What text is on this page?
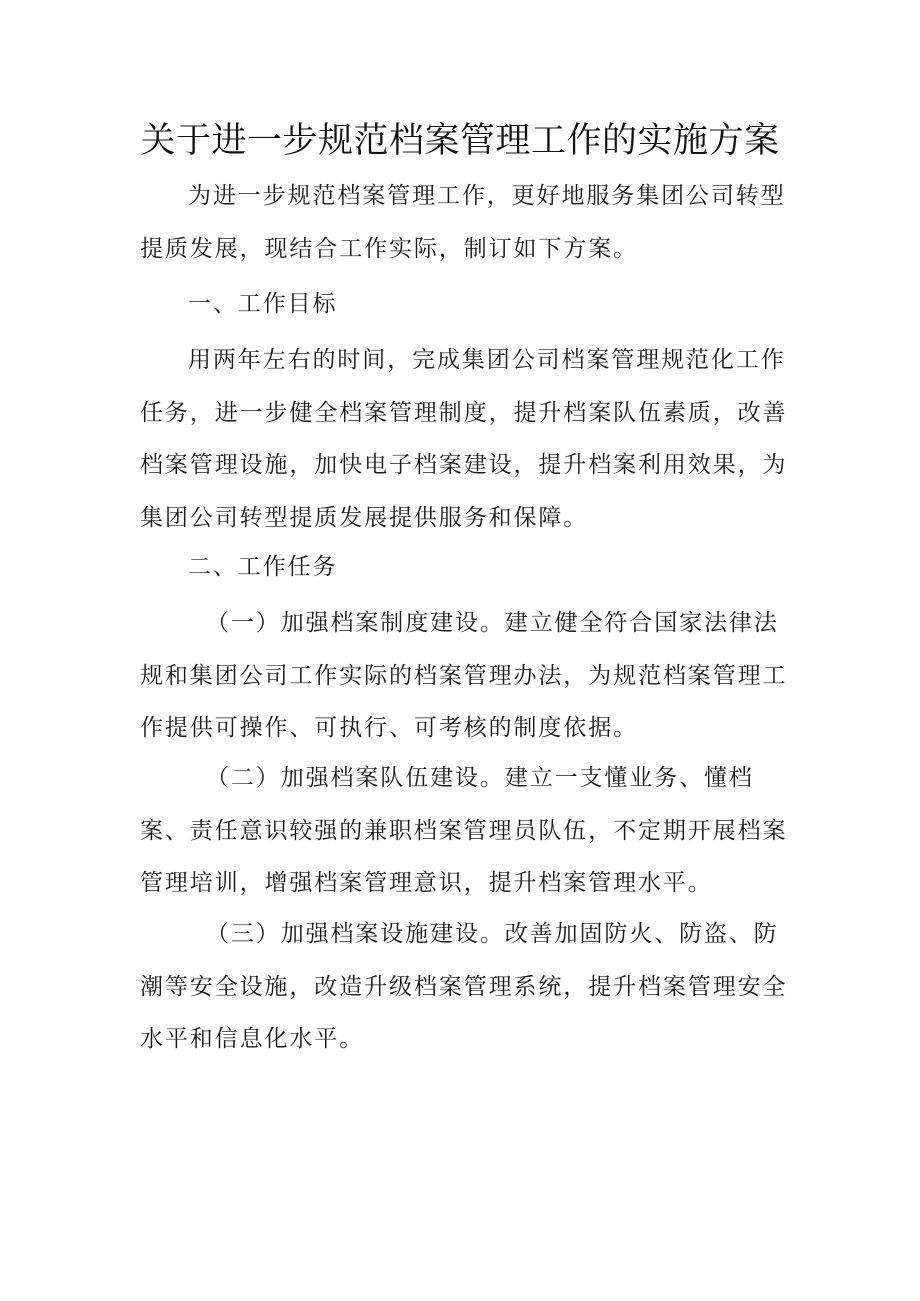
关于进一步规范档案管理工作的实施方案

为进一步规范档案管理工作，更好地服务集团公司转型提质发展，现结合工作实际，制订如下方案。

一、工作目标

用两年左右的时间，完成集团公司档案管理规范化工作任务，进一步健全档案管理制度，提升档案队伍素质，改善档案管理设施，加快电子档案建设，提升档案利用效果，为集团公司转型提质发展提供服务和保障。

二、工作任务

（一）加强档案制度建设。建立健全符合国家法律法规和集团公司工作实际的档案管理办法，为规范档案管理工作提供可操作、可执行、可考核的制度依据。

（二）加强档案队伍建设。建立一支懂业务、懂档案、责任意识较强的兼职档案管理员队伍，不定期开展档案管理培训，增强档案管理意识，提升档案管理水平。

（三）加强档案设施建设。改善加固防火、防盗、防潮等安全设施，改造升级档案管理系统，提升档案管理安全水平和信息化水平。
